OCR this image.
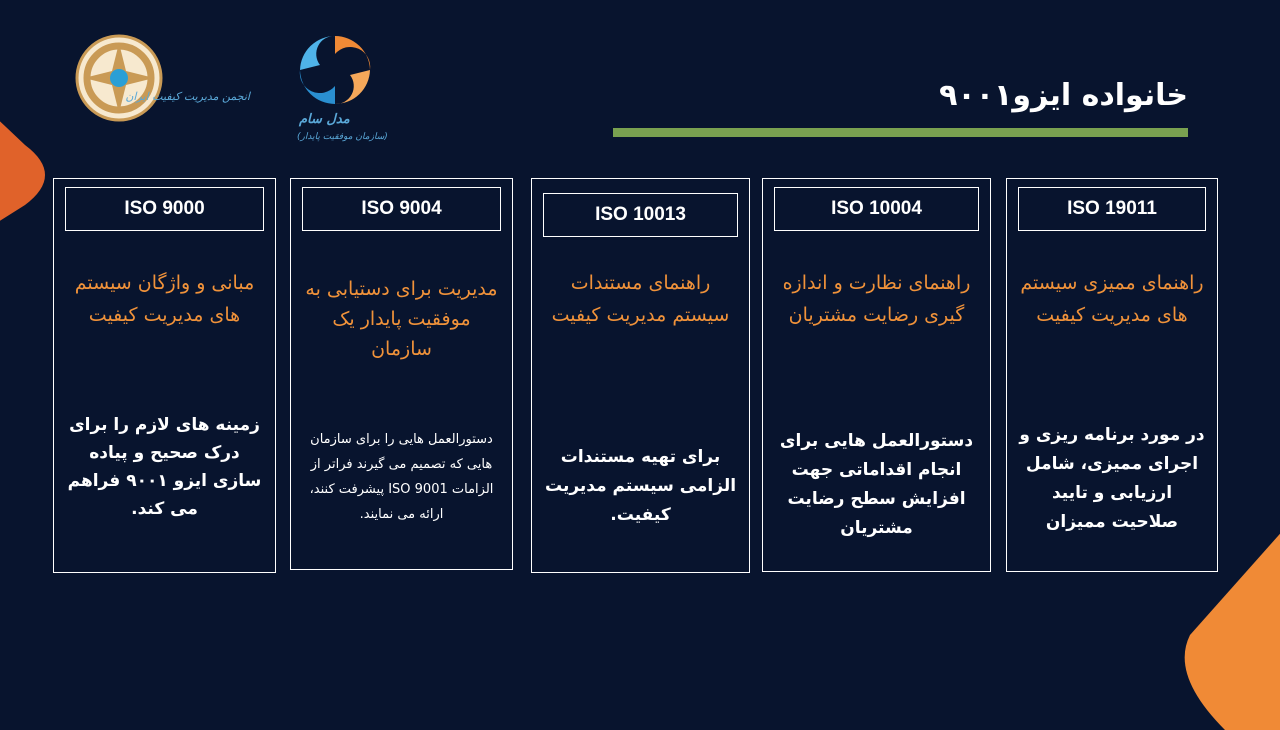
انجمن مدیریت کیفیت ایران
مدل سام
(سازمان موفقیت پایدار)
خانواده ایزو۹۰۰۱
ISO 9000
مبانی و واژگان سیستم های مدیریت کیفیت
زمینه های لازم را برای درک صحیح و پیاده سازی ایزو ۹۰۰۱ فراهم می کند.
ISO 9004
مدیریت برای دستیابی به موفقیت پایدار یک سازمان
دستورالعمل هایی را برای سازمان هایی که تصمیم می گیرند فراتر از الزامات ISO 9001 پیشرفت کنند، ارائه می نمایند.
ISO 10013
راهنمای مستندات سیستم مدیریت کیفیت
برای تهیه مستندات الزامی سیستم مدیریت کیفیت.
ISO 10004
راهنمای نظارت و اندازه گیری رضایت مشتریان
دستورالعمل هایی برای انجام اقداماتی جهت افزایش سطح رضایت مشتریان
ISO 19011
راهنمای ممیزی سیستم های مدیریت کیفیت
در مورد برنامه ریزی و اجرای ممیزی، شامل ارزیابی و تایید صلاحیت ممیزان
